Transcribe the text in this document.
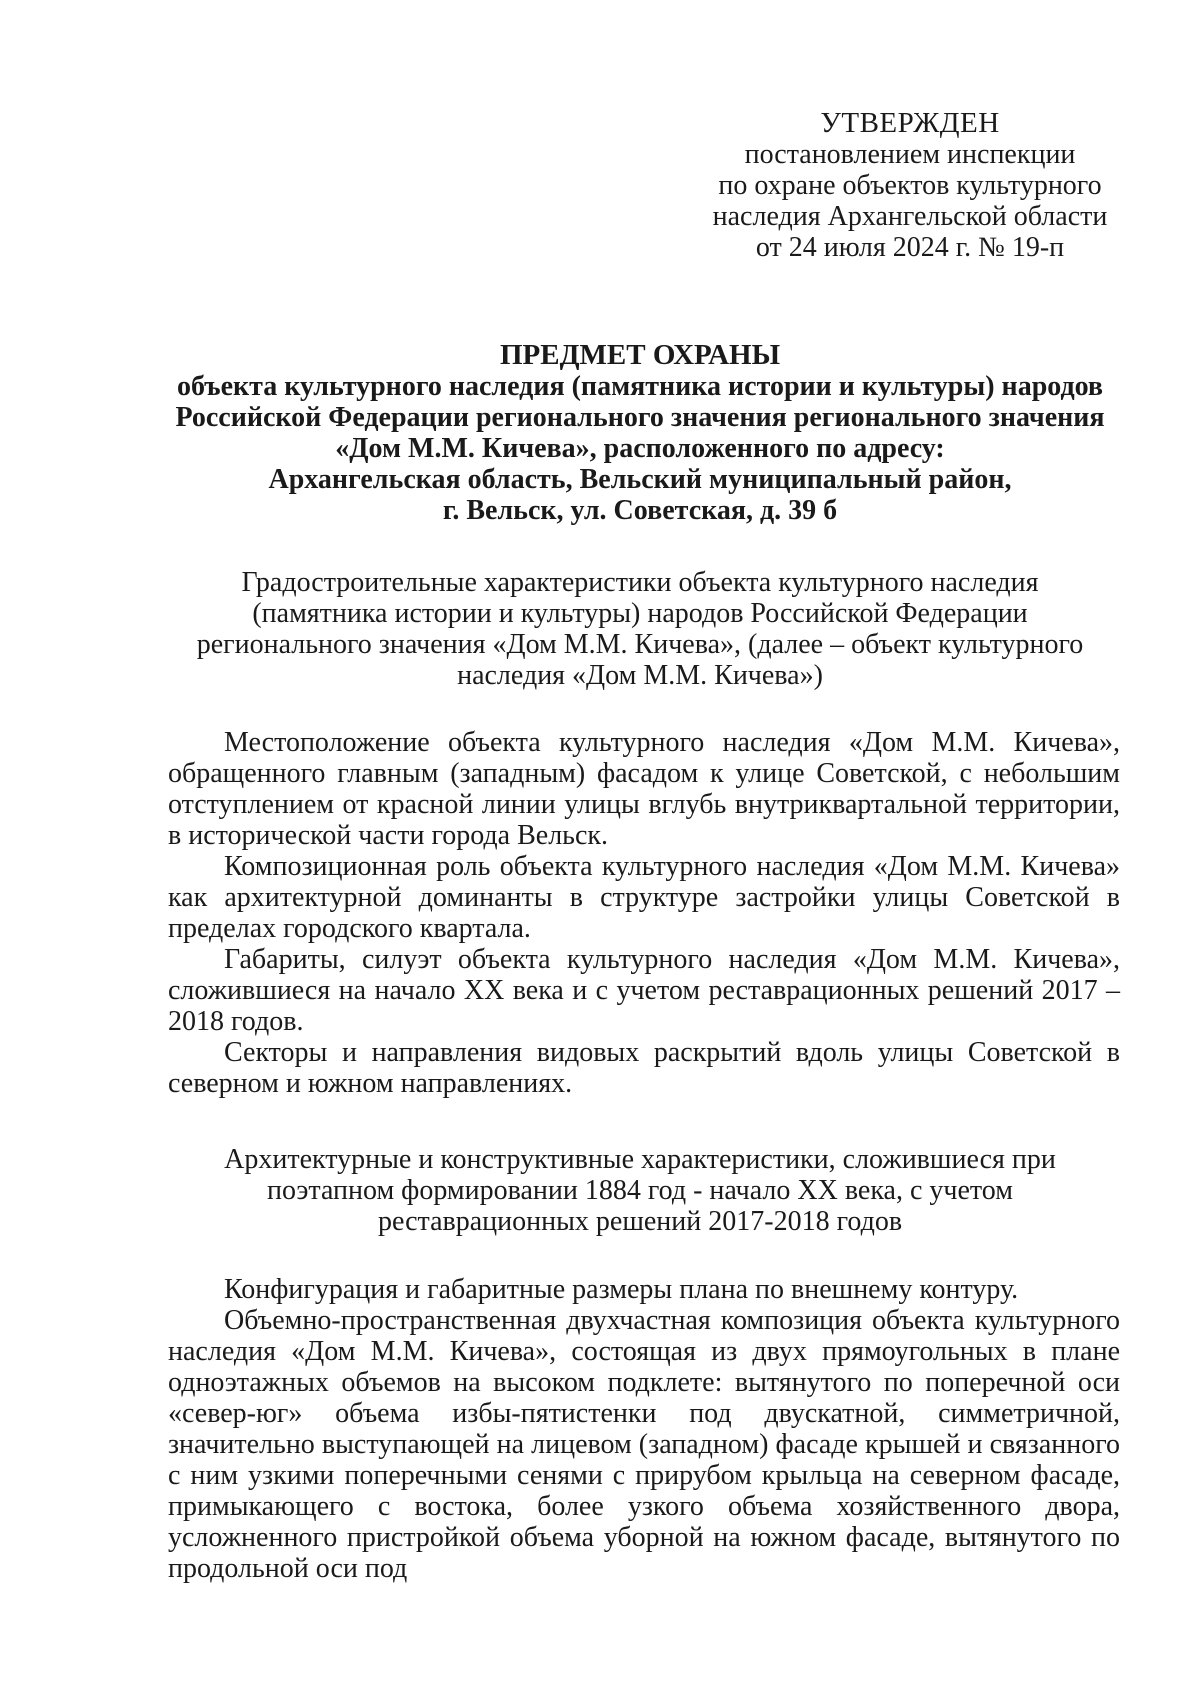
УТВЕРЖДЕН
постановлением инспекции
по охране объектов культурного
наследия Архангельской области
от 24 июля 2024 г. № 19-п
ПРЕДМЕТ ОХРАНЫ
объекта культурного наследия (памятника истории и культуры) народов
Российской Федерации регионального значения регионального значения
«Дом М.М. Кичева», расположенного по адресу:
Архангельская область, Вельский муниципальный район,
г. Вельск, ул. Советская, д. 39 б
Градостроительные характеристики объекта культурного наследия
(памятника истории и культуры) народов Российской Федерации
регионального значения «Дом М.М. Кичева», (далее – объект культурного
наследия «Дом М.М. Кичева»)

Местоположение объекта культурного наследия «Дом М.М. Кичева», обращенного главным (западным) фасадом к улице Советской, с небольшим отступлением от красной линии улицы вглубь внутриквартальной территории, в исторической части города Вельск.

Композиционная роль объекта культурного наследия «Дом М.М. Кичева» как архитектурной доминанты в структуре застройки улицы Советской в пределах городского квартала.

Габариты, силуэт объекта культурного наследия «Дом М.М. Кичева», сложившиеся на начало XX века и с учетом реставрационных решений 2017 – 2018 годов.

Секторы и направления видовых раскрытий вдоль улицы Советской в северном и южном направлениях.

Архитектурные и конструктивные характеристики, сложившиеся при
поэтапном формировании 1884 год - начало XX века, с учетом
реставрационных решений 2017-2018 годов

Конфигурация и габаритные размеры плана по внешнему контуру.

Объемно-пространственная двухчастная композиция объекта культурного наследия «Дом М.М. Кичева», состоящая из двух прямоугольных в плане одноэтажных объемов на высоком подклете: вытянутого по поперечной оси «север-юг» объема избы-пятистенки под двускатной, симметричной, значительно выступающей на лицевом (западном) фасаде крышей и связанного с ним узкими поперечными сенями с прирубом крыльца на северном фасаде, примыкающего с востока, более узкого объема хозяйственного двора, усложненного пристройкой объема уборной на южном фасаде, вытянутого по продольной оси под
